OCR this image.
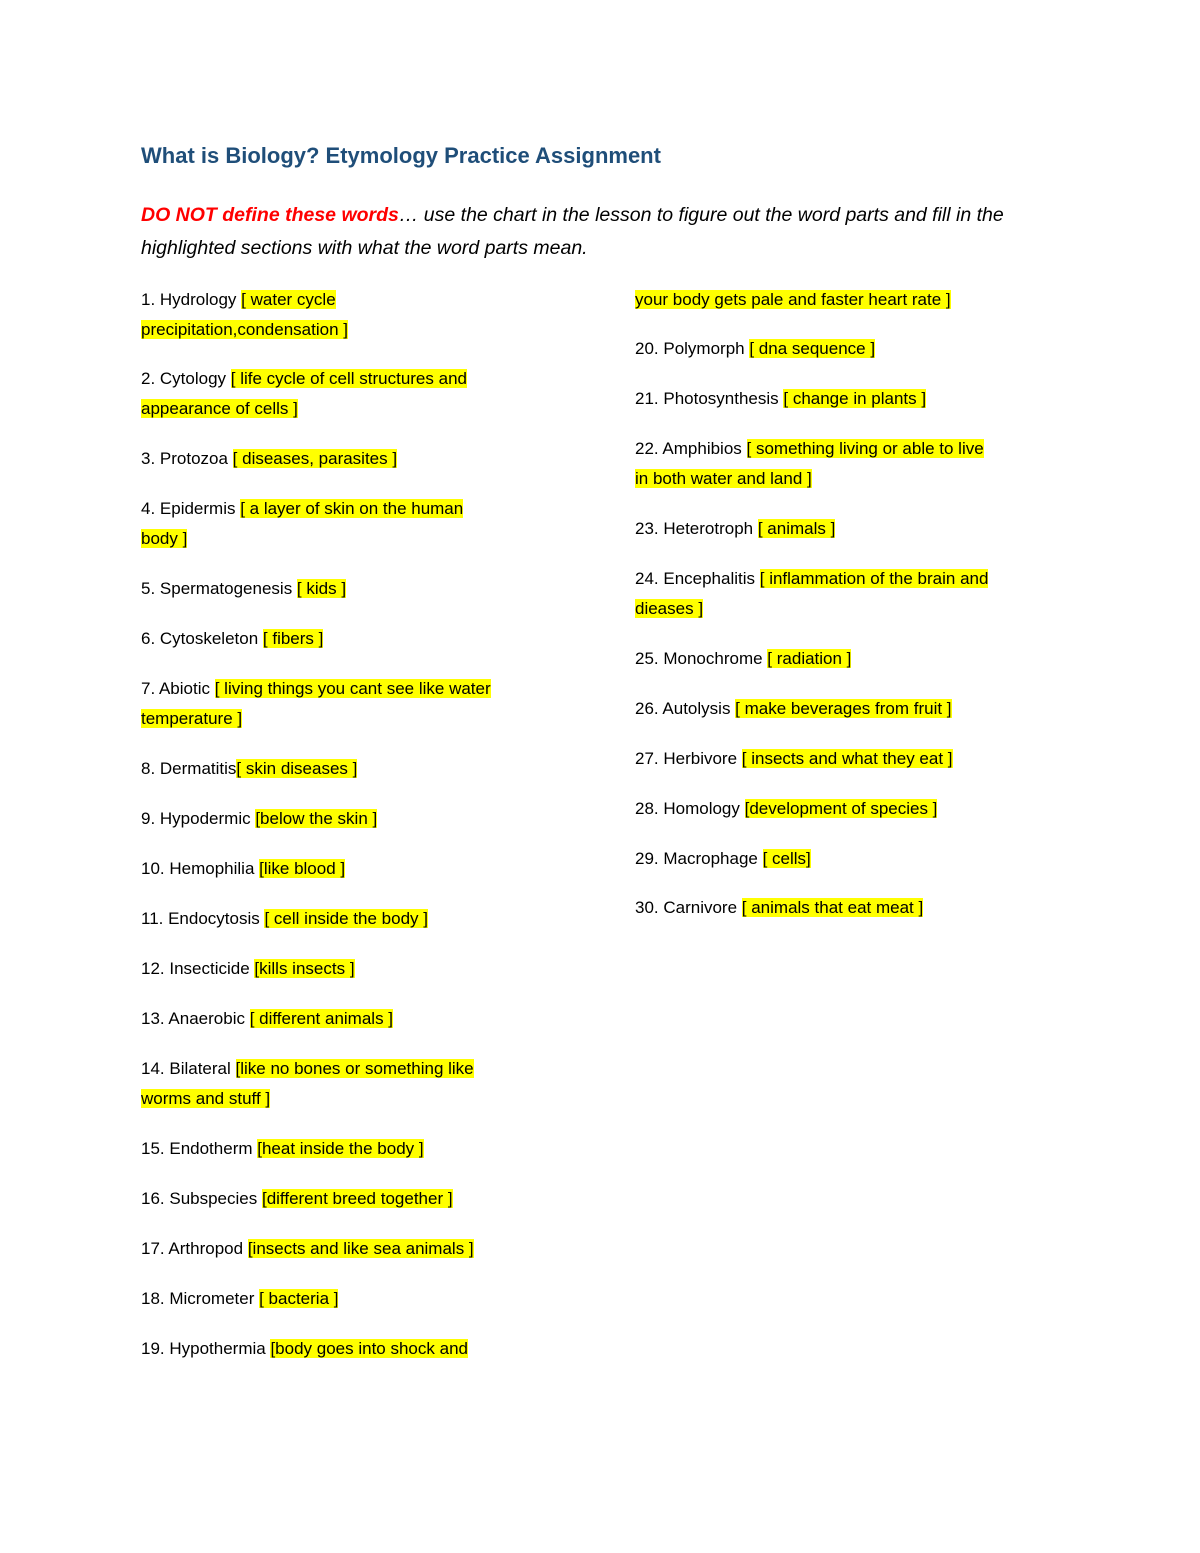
What is Biology? Etymology Practice Assignment
DO NOT define these words… use the chart in the lesson to figure out the word parts and fill in the highlighted sections with what the word parts mean.
1. Hydrology [ water cycle
precipitation,condensation ]
2. Cytology [ life cycle of cell structures and
appearance of cells ]
3. Protozoa [ diseases, parasites ]
4. Epidermis [ a layer of skin on the human
body ]
5. Spermatogenesis [ kids ]
6. Cytoskeleton [ fibers ]
7. Abiotic [ living things you cant see like water
temperature ]
8. Dermatitis[ skin diseases ]
9. Hypodermic [below the skin ]
10. Hemophilia [like blood ]
11. Endocytosis [ cell inside the body ]
12. Insecticide [kills insects ]
13. Anaerobic [ different animals ]
14. Bilateral [like no bones or something like
worms and stuff ]
15. Endotherm [heat inside the body ]
16. Subspecies [different breed together ]
17. Arthropod [insects and like sea animals ]
18. Micrometer [ bacteria ]
19. Hypothermia [body goes into shock and
your body gets pale and faster heart rate ]
20. Polymorph [ dna sequence ]
21. Photosynthesis [ change in plants ]
22. Amphibios [ something living or able to live
in both water and land ]
23. Heterotroph [ animals ]
24. Encephalitis [ inflammation of the brain and
dieases ]
25. Monochrome [ radiation ]
26. Autolysis [ make beverages from fruit ]
27. Herbivore [ insects and what they eat ]
28. Homology [development of species ]
29. Macrophage [ cells]
30. Carnivore [ animals that eat meat ]
